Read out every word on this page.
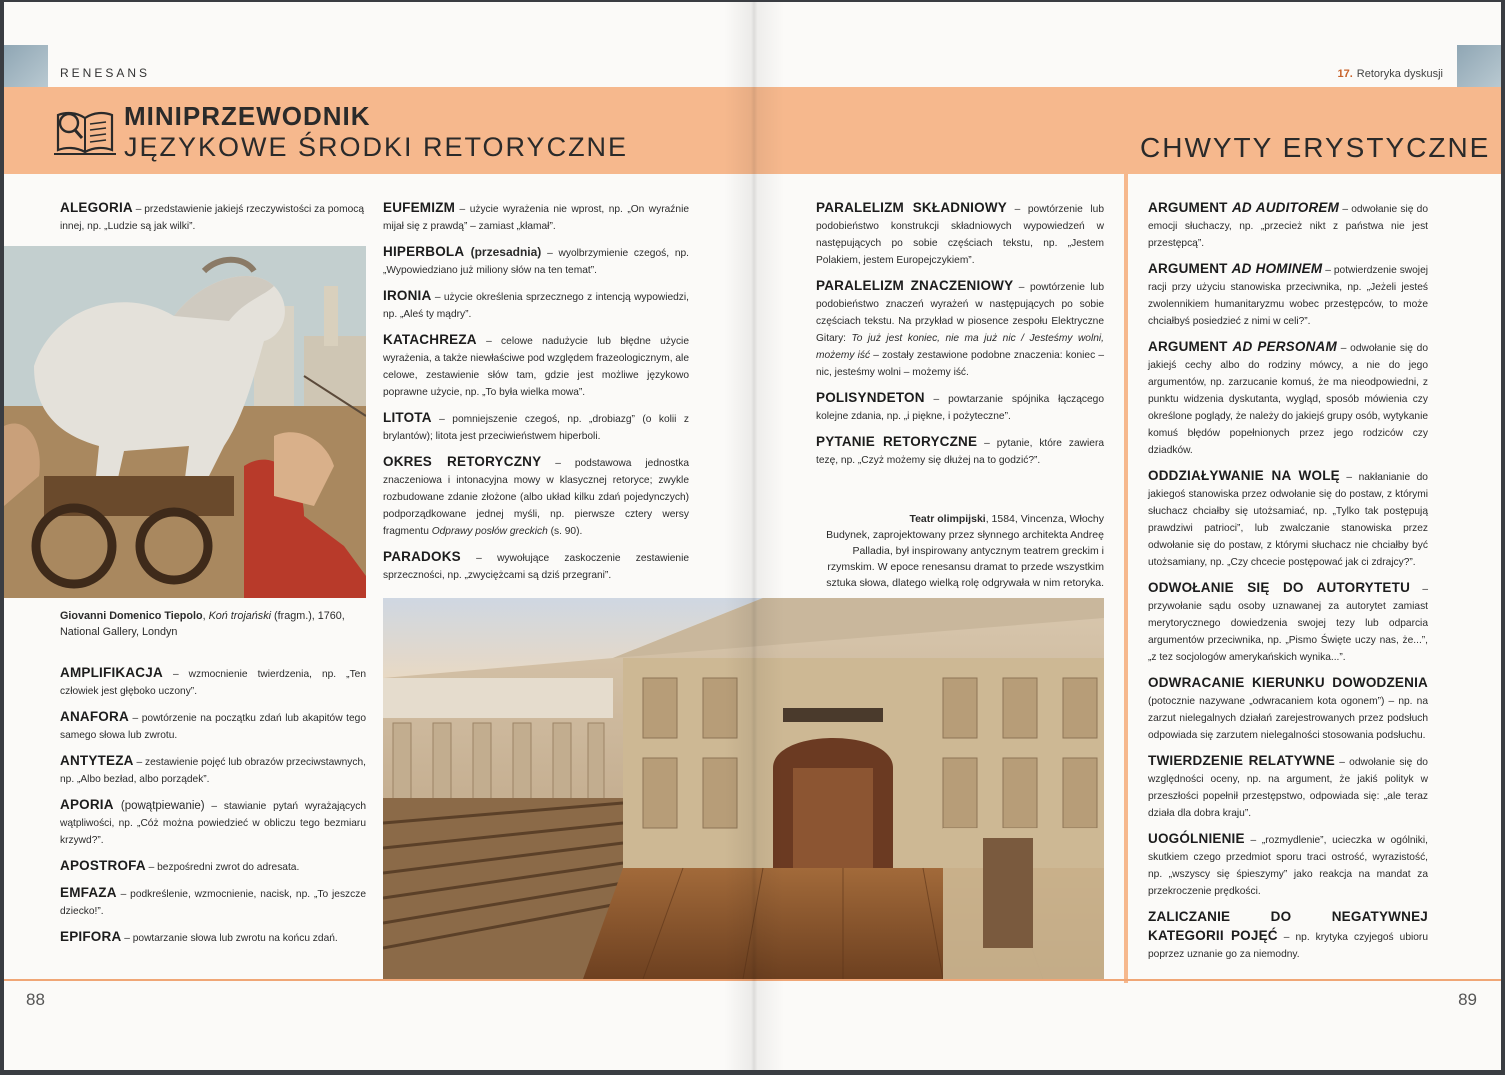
RENESANS	17. Retoryka dyskusji
MINIPRZEWODNIK
JĘZYKOWE ŚRODKI RETORYCZNE	CHWYTY ERYSTYCZNE

ALEGORIA – przedstawienie jakiejś rzeczywistości za pomocą innej, np. „Ludzie są jak wilki”.

Giovanni Domenico Tiepolo, Koń trojański (fragm.), 1760, National Gallery, Londyn

AMPLIFIKACJA – wzmocnienie twierdzenia, np. „Ten człowiek jest głęboko uczony”.

ANAFORA – powtórzenie na początku zdań lub akapitów tego samego słowa lub zwrotu.

ANTYTEZA – zestawienie pojęć lub obrazów przeciwstawnych, np. „Albo bezład, albo porządek”.

APORIA (powątpiewanie) – stawianie pytań wyrażających wątpliwości, np. „Cóż można powiedzieć w obliczu tego bezmiaru krzywd?”.

APOSTROFA – bezpośredni zwrot do adresata.

EMFAZA – podkreślenie, wzmocnienie, nacisk, np. „To jeszcze dziecko!”.

EPIFORA – powtarzanie słowa lub zwrotu na końcu zdań.

EUFEMIZM – użycie wyrażenia nie wprost, np. „On wyraźnie mijał się z prawdą” – zamiast „kłamał”.

HIPERBOLA (przesadnia) – wyolbrzymienie czegoś, np. „Wypowiedziano już miliony słów na ten temat”.

IRONIA – użycie określenia sprzecznego z intencją wypowiedzi, np. „Aleś ty mądry”.

KATACHREZA – celowe nadużycie lub błędne użycie wyrażenia, a także niewłaściwe pod względem frazeologicznym, ale celowe, zestawienie słów tam, gdzie jest możliwe językowo poprawne użycie, np. „To była wielka mowa”.

LITOTA – pomniejszenie czegoś, np. „drobiazg” (o kolii z brylantów); litota jest przeciwieństwem hiperboli.

OKRES RETORYCZNY – podstawowa jednostka znaczeniowa i intonacyjna mowy w klasycznej retoryce; zwykle rozbudowane zdanie złożone (albo układ kilku zdań pojedynczych) podporządkowane jednej myśli, np. pierwsze cztery wersy fragmentu Odprawy posłów greckich (s. 90).

PARADOKS – wywołujące zaskoczenie zestawienie sprzeczności, np. „zwyciężcami są dziś przegrani”.

PARALELIZM SKŁADNIOWY – powtórzenie lub podobieństwo konstrukcji składniowych wypowiedzeń w następujących po sobie częściach tekstu, np. „Jestem Polakiem, jestem Europejczykiem”.

PARALELIZM ZNACZENIOWY – powtórzenie lub podobieństwo znaczeń wyrażeń w następujących po sobie częściach tekstu. Na przykład w piosence zespołu Elektryczne Gitary: To już jest koniec, nie ma już nic / Jesteśmy wolni, możemy iść – zostały zestawione podobne znaczenia: koniec – nic, jesteśmy wolni – możemy iść.

POLISYNDETON – powtarzanie spójnika łączącego kolejne zdania, np. „i piękne, i pożyteczne”.

PYTANIE RETORYCZNE – pytanie, które zawiera tezę, np. „Czyż możemy się dłużej na to godzić?”.

Teatr olimpijski, 1584, Vincenza, Włochy
Budynek, zaprojektowany przez słynnego architekta Andreę Palladia, był inspirowany antycznym teatrem greckim i rzymskim. W epoce renesansu dramat to przede wszystkim sztuka słowa, dlatego wielką rolę odgrywała w nim retoryka.

ARGUMENT AD AUDITOREM – odwołanie się do emocji słuchaczy, np. „przecież nikt z państwa nie jest przestępcą”.

ARGUMENT AD HOMINEM – potwierdzenie swojej racji przy użyciu stanowiska przeciwnika, np. „Jeżeli jesteś zwolennikiem humanitaryzmu wobec przestępców, to może chciałbyś posiedzieć z nimi w celi?”.

ARGUMENT AD PERSONAM – odwołanie się do jakiejś cechy albo do rodziny mówcy, a nie do jego argumentów, np. zarzucanie komuś, że ma nieodpowiedni, z punktu widzenia dyskutanta, wygląd, sposób mówienia czy określone poglądy, że należy do jakiejś grupy osób, wytykanie komuś błędów popełnionych przez jego rodziców czy dziadków.

ODDZIAŁYWANIE NA WOLĘ – nakłanianie do jakiegoś stanowiska przez odwołanie się do postaw, z którymi słuchacz chciałby się utożsamiać, np. „Tylko tak postępują prawdziwi patrioci”, lub zwalczanie stanowiska przez odwołanie się do postaw, z którymi słuchacz nie chciałby być utożsamiany, np. „Czy chcecie postępować jak ci zdrajcy?”.

ODWOŁANIE SIĘ DO AUTORYTETU – przywołanie sądu osoby uznawanej za autorytet zamiast merytorycznego dowiedzenia swojej tezy lub odparcia argumentów przeciwnika, np. „Pismo Święte uczy nas, że...”, „z tez socjologów amerykańskich wynika...”.

ODWRACANIE KIERUNKU DOWODZENIA (potocznie nazywane „odwracaniem kota ogonem”) – np. na zarzut nielegalnych działań zarejestrowanych przez podsłuch odpowiada się zarzutem nielegalności stosowania podsłuchu.

TWIERDZENIE RELATYWNE – odwołanie się do względności oceny, np. na argument, że jakiś polityk w przeszłości popełnił przestępstwo, odpowiada się: „ale teraz działa dla dobra kraju”.

UOGÓLNIENIE – „rozmydlenie”, ucieczka w ogólniki, skutkiem czego przedmiot sporu traci ostrość, wyrazistość, np. „wszyscy się śpieszymy” jako reakcja na mandat za przekroczenie prędkości.

ZALICZANIE DO NEGATYWNEJ KATEGORII POJĘĆ – np. krytyka czyjegoś ubioru poprzez uznanie go za niemodny.

88	89
